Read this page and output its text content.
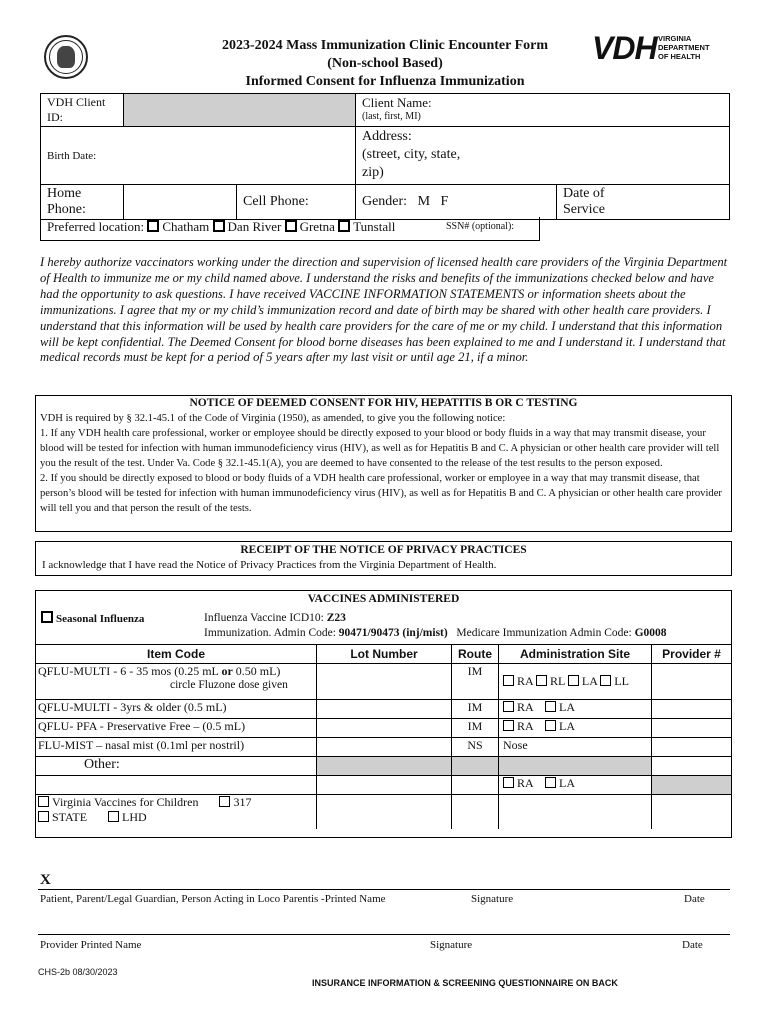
2023-2024 Mass Immunization Clinic Encounter Form
(Non-school Based)
Informed Consent for Influenza Immunization
VDH VIRGINIA
DEPARTMENT
OF HEALTH
VDH Client ID:			Client Name:
(last, first, MI)	

Birth Date:			Address:
(street, city, state, zip)	

Home Phone:		Cell Phone:	Gender:   M   F	Date of Service
Preferred location: Chatham Dan River Gretna Tunstall	SSN# (optional):
I hereby authorize vaccinators working under the direction and supervision of licensed health care providers of the Virginia Department of Health to immunize me or my child named above. I understand the risks and benefits of the immunizations checked below and have had the opportunity to ask questions. I have received VACCINE INFORMATION STATEMENTS or information sheets about the immunizations. I agree that my or my child’s immunization record and date of birth may be shared with other health care providers. I understand that this information will be used by health care providers for the care of me or my child. I understand that this information will be kept confidential. The Deemed Consent for blood borne diseases has been explained to me and I understand it. I understand that medical records must be kept for a period of 5 years after my last visit or until age 21, if a minor.
NOTICE OF DEEMED CONSENT FOR HIV, HEPATITIS B OR C TESTING
VDH is required by § 32.1-45.1 of the Code of Virginia (1950), as amended, to give you the following notice:
1. If any VDH health care professional, worker or employee should be directly exposed to your blood or body fluids in a way that may transmit disease, your blood will be tested for infection with human immunodeficiency virus (HIV), as well as for Hepatitis B and C. A physician or other health care provider will tell you the result of the test. Under Va. Code § 32.1-45.1(A), you are deemed to have consented to the release of the test results to the person exposed.
2. If you should be directly exposed to blood or body fluids of a VDH health care professional, worker or employee in a way that may transmit disease, that person’s blood will be tested for infection with human immunodeficiency virus (HIV), as well as for Hepatitis B and C. A physician or other health care provider will tell you and that person the result of the tests.
RECEIPT OF THE NOTICE OF PRIVACY PRACTICES
I acknowledge that I have read the Notice of Privacy Practices from the Virginia Department of Health.
VACCINES ADMINISTERED
Seasonal Influenza	Influenza Vaccine ICD10: Z23
Immunization. Admin Code: 90471/90473 (inj/mist) Medicare Immunization Admin Code: G0008
Item Code	Lot Number	Route	Administration Site	Provider #

QFLU-MULTI - 6 - 35 mos (0.25 mL or 0.50 mL)
circle Fluzone dose given		IM	RA RL LA LL	
QFLU-MULTI - 3yrs & older (0.5 mL)		IM	RA    LA	
QFLU- PFA - Preservative Free – (0.5 mL)		IM	RA    LA	
FLU-MIST – nasal mist (0.1ml per nostril)		NS	Nose	
Other:				
			RA    LA	

Virginia Vaccines for Children 317
STATE LHD				

X
Patient, Parent/Legal Guardian, Person Acting in Loco Parentis -Printed Name	Signature	Date
Provider Printed Name	Signature	Date
CHS-2b 08/30/2023
INSURANCE INFORMATION & SCREENING QUESTIONNAIRE ON BACK
